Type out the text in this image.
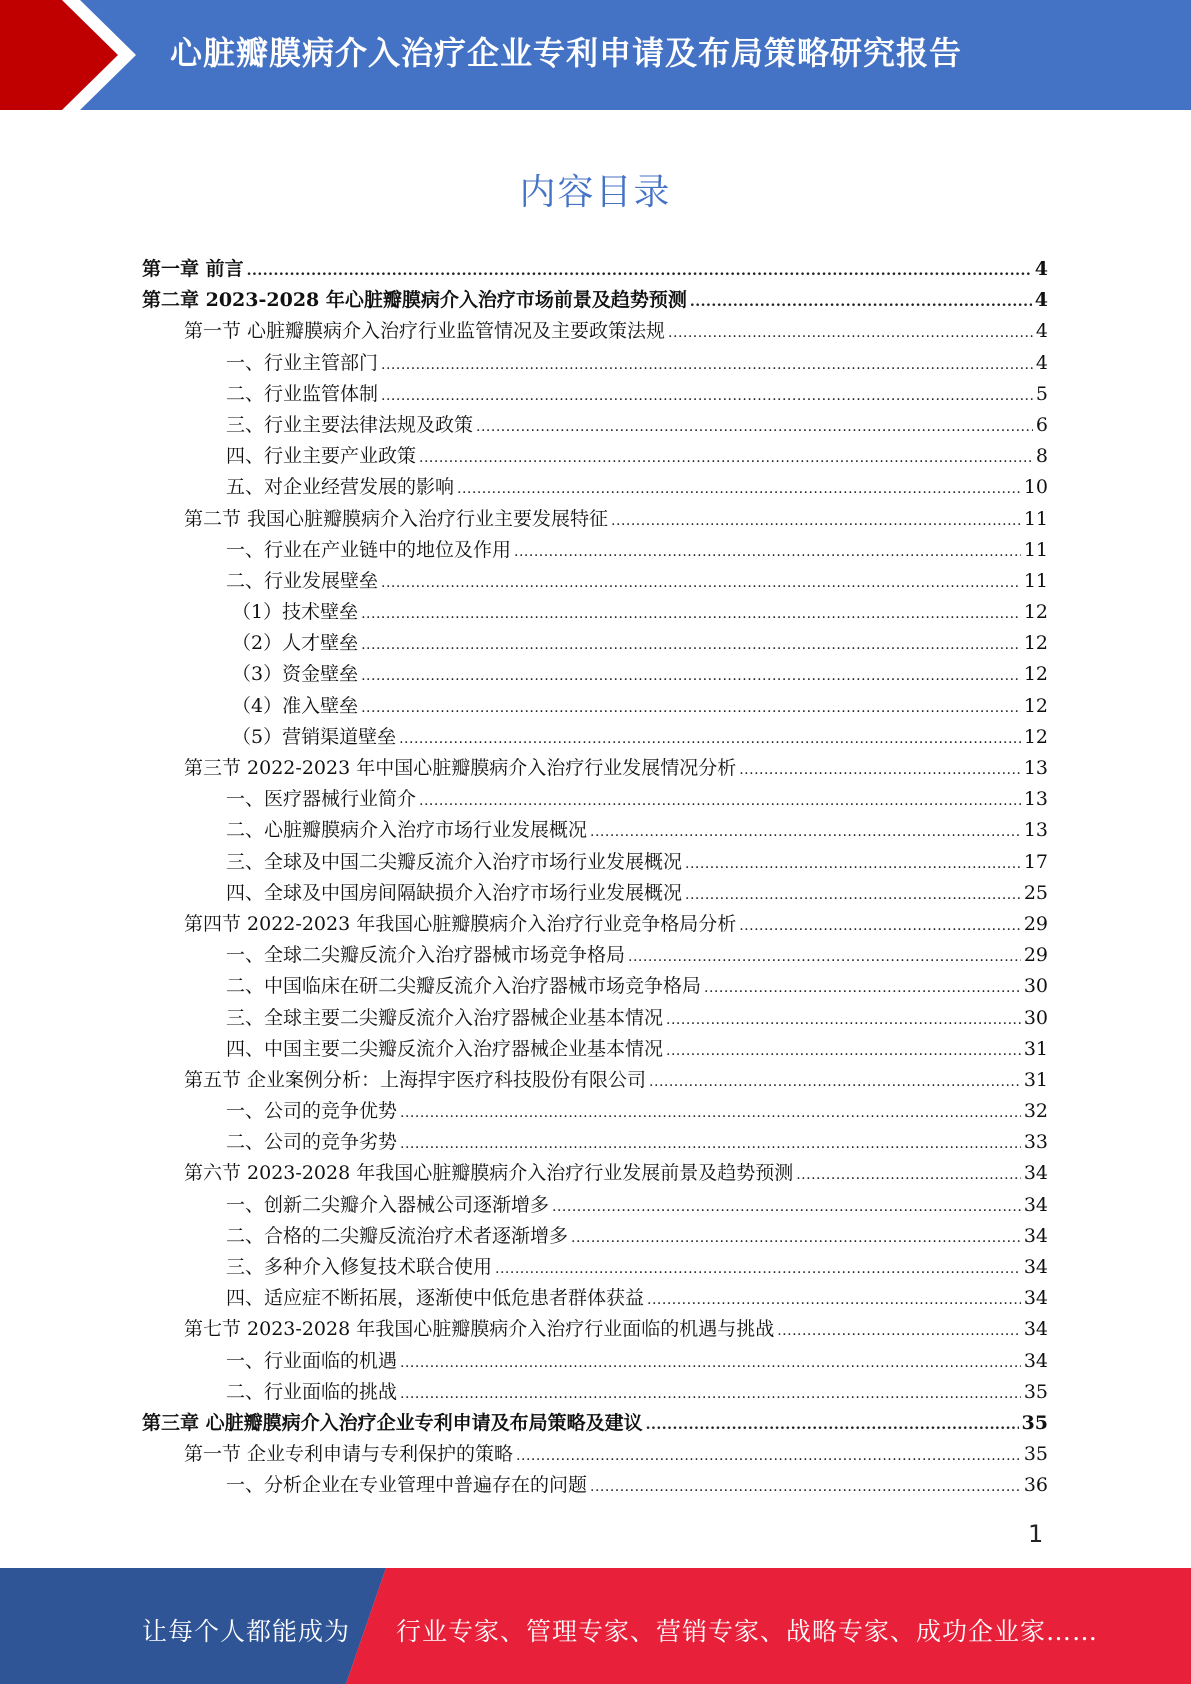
心脏瓣膜病介入治疗企业专利申请及布局策略研究报告
内容目录
第一章 前言 .....	4
第二章 2023-2028 年心脏瓣膜病介入治疗市场前景及趋势预测 .....	4
第一节 心脏瓣膜病介入治疗行业监管情况及主要政策法规 .....	4
一、行业主管部门 .....	4
二、行业监管体制 .....	5
三、行业主要法律法规及政策 .....	6
四、行业主要产业政策 .....	8
五、对企业经营发展的影响 .....	10
第二节 我国心脏瓣膜病介入治疗行业主要发展特征 .....	11
一、行业在产业链中的地位及作用 .....	11
二、行业发展壁垒 .....	11
（1）技术壁垒 .....	12
（2）人才壁垒 .....	12
（3）资金壁垒 .....	12
（4）准入壁垒 .....	12
（5）营销渠道壁垒 .....	12
第三节 2022-2023 年中国心脏瓣膜病介入治疗行业发展情况分析 .....	13
一、医疗器械行业简介 .....	13
二、心脏瓣膜病介入治疗市场行业发展概况 .....	13
三、全球及中国二尖瓣反流介入治疗市场行业发展概况 .....	17
四、全球及中国房间隔缺损介入治疗市场行业发展概况 .....	25
第四节 2022-2023 年我国心脏瓣膜病介入治疗行业竞争格局分析 .....	29
一、全球二尖瓣反流介入治疗器械市场竞争格局 .....	29
二、中国临床在研二尖瓣反流介入治疗器械市场竞争格局 .....	30
三、全球主要二尖瓣反流介入治疗器械企业基本情况 .....	30
四、中国主要二尖瓣反流介入治疗器械企业基本情况 .....	31
第五节 企业案例分析：上海捍宇医疗科技股份有限公司 .....	31
一、公司的竞争优势 .....	32
二、公司的竞争劣势 .....	33
第六节 2023-2028 年我国心脏瓣膜病介入治疗行业发展前景及趋势预测 .....	34
一、创新二尖瓣介入器械公司逐渐增多 .....	34
二、合格的二尖瓣反流治疗术者逐渐增多 .....	34
三、多种介入修复技术联合使用 .....	34
四、适应症不断拓展，逐渐使中低危患者群体获益 .....	34
第七节 2023-2028 年我国心脏瓣膜病介入治疗行业面临的机遇与挑战 .....	34
一、行业面临的机遇 .....	34
二、行业面临的挑战 .....	35
第三章 心脏瓣膜病介入治疗企业专利申请及布局策略及建议 .....	35
第一节 企业专利申请与专利保护的策略 .....	35
一、分析企业在专业管理中普遍存在的问题 .....	36
1
让每个人都能成为 行业专家、管理专家、营销专家、战略专家、成功企业家……
